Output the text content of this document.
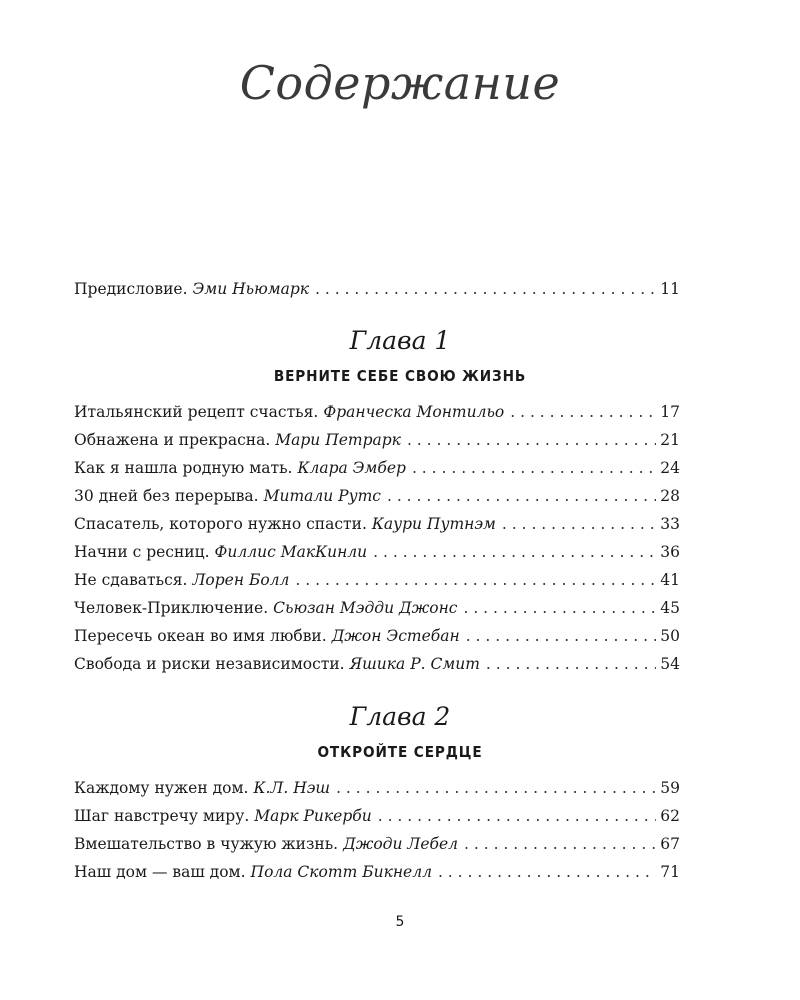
Содержание
Предисловие. Эми Ньюмарк . . .	11
Глава 1
ВЕРНИТЕ СЕБЕ СВОЮ ЖИЗНЬ
Итальянский рецепт счастья. Франческа Монтильо . . .	17
Обнажена и прекрасна. Мари Петрарк . . .	21
Как я нашла родную мать. Клара Эмбер . . .	24
30 дней без перерыва. Митали Рутс . . .	28
Спасатель, которого нужно спасти. Каури Путнэм . . .	33
Начни с ресниц. Филлис МакКинли . . .	36
Не сдаваться. Лорен Болл . . .	41
Человек-Приключение. Сьюзан Мэдди Джонс . . .	45
Пересечь океан во имя любви. Джон Эстебан . . .	50
Свобода и риски независимости. Яшика Р. Смит . . .	54
Глава 2
ОТКРОЙТЕ СЕРДЦЕ
Каждому нужен дом. К.Л. Нэш . . .	59
Шаг навстречу миру. Марк Рикерби . . .	62
Вмешательство в чужую жизнь. Джоди Лебел . . .	67
Наш дом — ваш дом. Пола Скотт Бикнелл . . .	71
5
